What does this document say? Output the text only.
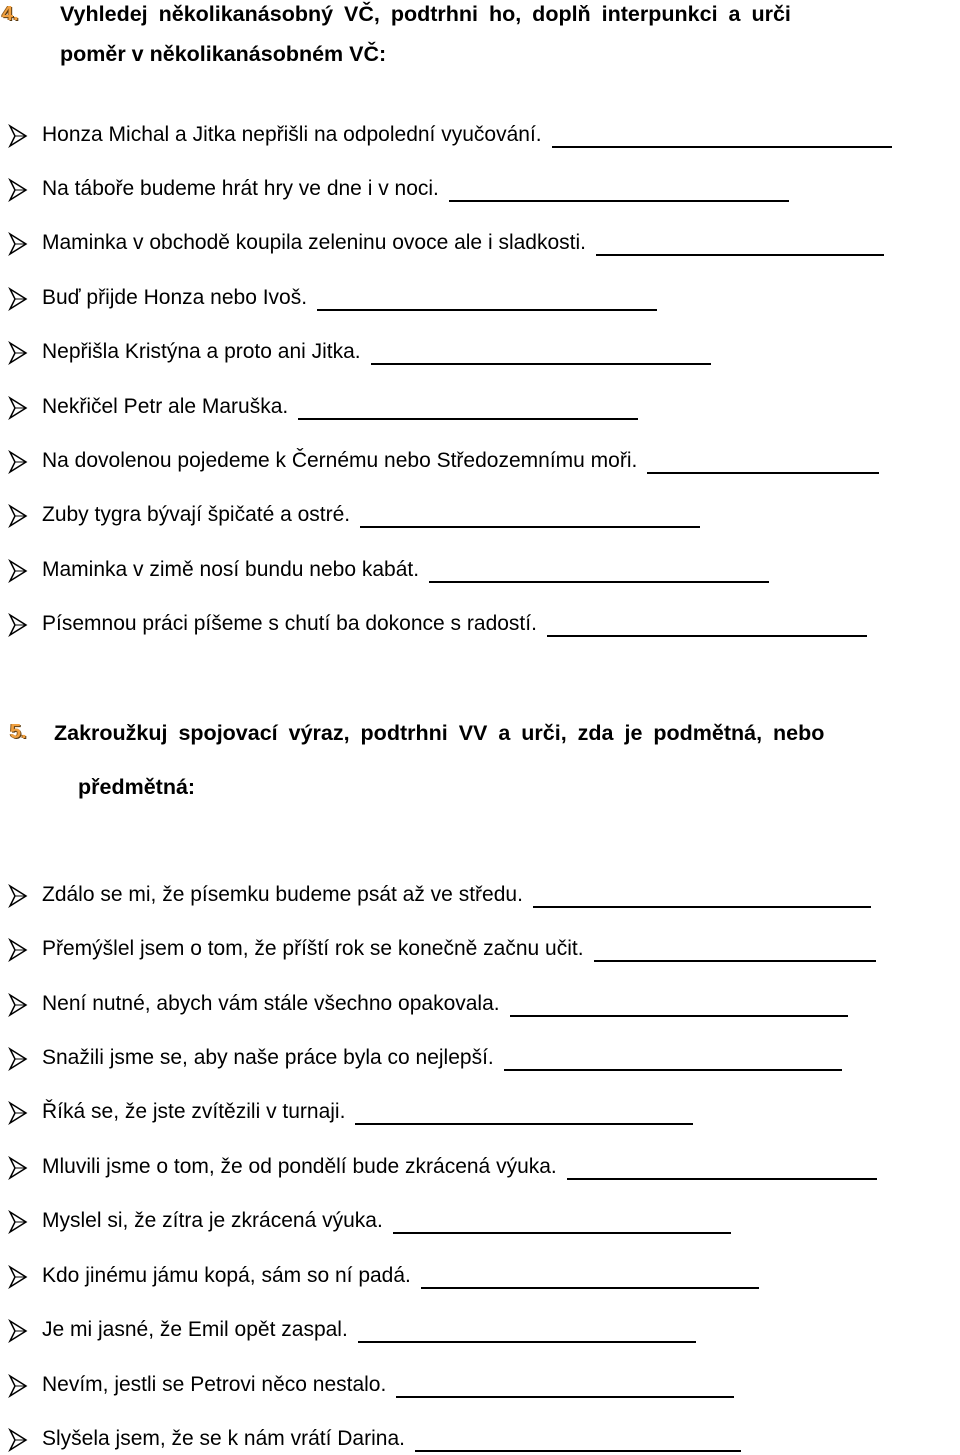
4. Vyhledej několikanásobný VČ, podtrhni ho, doplň interpunkci a urči
poměr v několikanásobném VČ:
Honza Michal a Jitka nepřišli na odpolední vyučování.
Na táboře budeme hrát hry ve dne i v noci.
Maminka v obchodě koupila zeleninu ovoce ale i sladkosti.
Buď přijde Honza nebo Ivoš.
Nepřišla Kristýna a proto ani Jitka.
Nekřičel Petr ale Maruška.
Na dovolenou pojedeme k Černému nebo Středozemnímu moři.
Zuby tygra bývají špičaté a ostré.
Maminka v zimě nosí bundu nebo kabát.
Písemnou práci píšeme s chutí ba dokonce s radostí.
5. Zakroužkuj spojovací výraz, podtrhni VV a urči, zda je podmětná, nebo
předmětná:
Zdálo se mi, že písemku budeme psát až ve středu.
Přemýšlel jsem o tom, že příští rok se konečně začnu učit.
Není nutné, abych vám stále všechno opakovala.
Snažili jsme se, aby naše práce byla co nejlepší.
Říká se, že jste zvítězili v turnaji.
Mluvili jsme o tom, že od pondělí bude zkrácená výuka.
Myslel si, že zítra je zkrácená výuka.
Kdo jinému jámu kopá, sám so ní padá.
Je mi jasné, že Emil opět zaspal.
Nevím, jestli se Petrovi něco nestalo.
Slyšela jsem, že se k nám vrátí Darina.
